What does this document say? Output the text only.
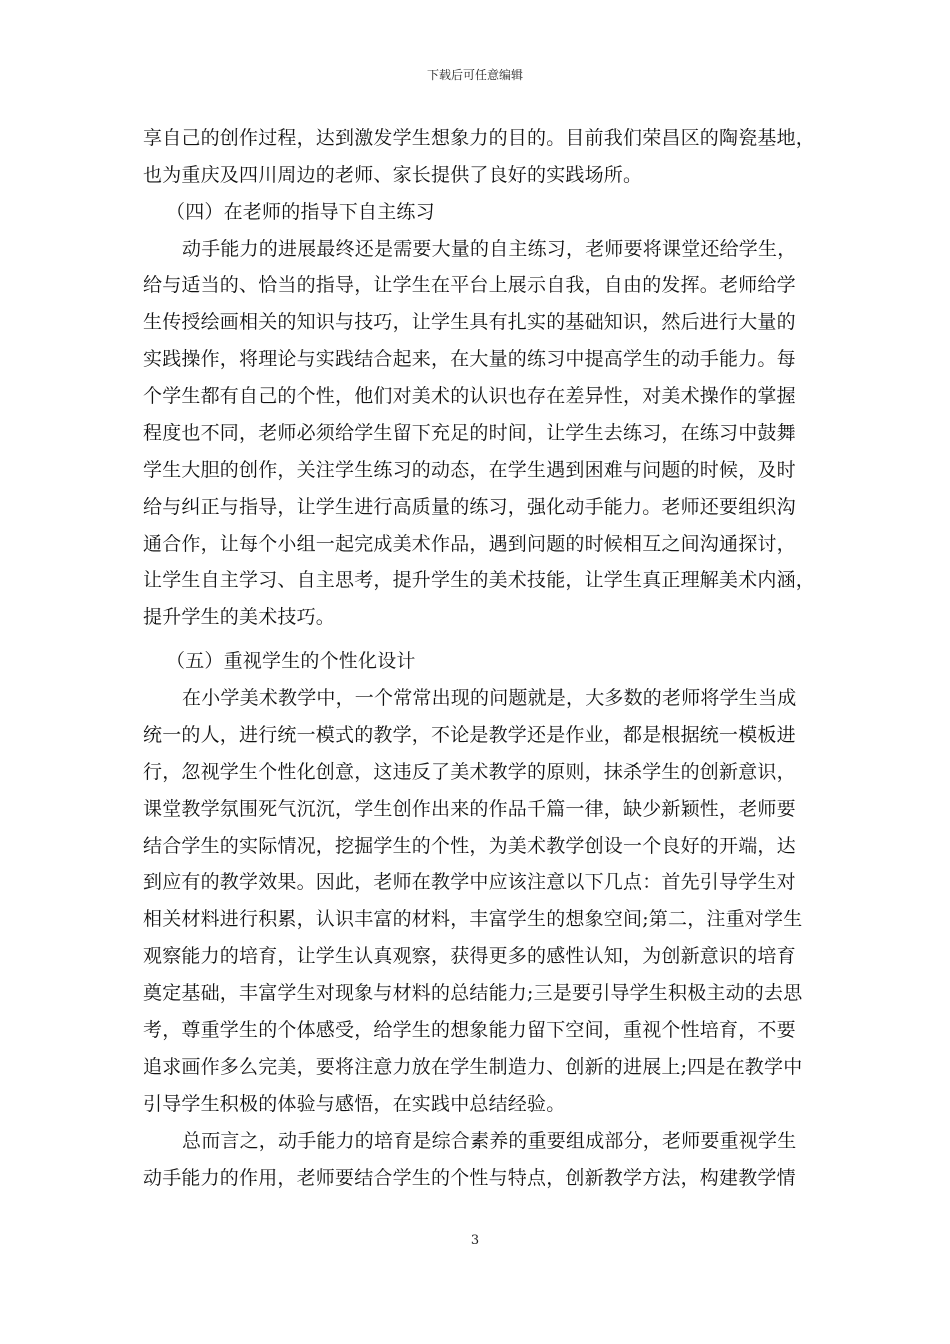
下载后可任意编辑
享自己的创作过程，达到激发学生想象力的目的。目前我们荣昌区的陶瓷基地，
也为重庆及四川周边的老师、家长提供了良好的实践场所。
（四）在老师的指导下自主练习
动手能力的进展最终还是需要大量的自主练习，老师要将课堂还给学生，
给与适当的、恰当的指导，让学生在平台上展示自我，自由的发挥。老师给学
生传授绘画相关的知识与技巧，让学生具有扎实的基础知识，然后进行大量的
实践操作，将理论与实践结合起来，在大量的练习中提高学生的动手能力。每
个学生都有自己的个性，他们对美术的认识也存在差异性，对美术操作的掌握
程度也不同，老师必须给学生留下充足的时间，让学生去练习，在练习中鼓舞
学生大胆的创作，关注学生练习的动态，在学生遇到困难与问题的时候，及时
给与纠正与指导，让学生进行高质量的练习，强化动手能力。老师还要组织沟
通合作，让每个小组一起完成美术作品，遇到问题的时候相互之间沟通探讨，
让学生自主学习、自主思考，提升学生的美术技能，让学生真正理解美术内涵，
提升学生的美术技巧。
（五）重视学生的个性化设计
在小学美术教学中，一个常常出现的问题就是，大多数的老师将学生当成
统一的人，进行统一模式的教学，不论是教学还是作业，都是根据统一模板进
行，忽视学生个性化创意，这违反了美术教学的原则，抹杀学生的创新意识，
课堂教学氛围死气沉沉，学生创作出来的作品千篇一律，缺少新颖性，老师要
结合学生的实际情况，挖掘学生的个性，为美术教学创设一个良好的开端，达
到应有的教学效果。因此，老师在教学中应该注意以下几点：首先引导学生对
相关材料进行积累，认识丰富的材料，丰富学生的想象空间;第二，注重对学生
观察能力的培育，让学生认真观察，获得更多的感性认知，为创新意识的培育
奠定基础，丰富学生对现象与材料的总结能力;三是要引导学生积极主动的去思
考，尊重学生的个体感受，给学生的想象能力留下空间，重视个性培育，不要
追求画作多么完美，要将注意力放在学生制造力、创新的进展上;四是在教学中
引导学生积极的体验与感悟，在实践中总结经验。
总而言之，动手能力的培育是综合素养的重要组成部分，老师要重视学生
动手能力的作用，老师要结合学生的个性与特点，创新教学方法，构建教学情
3
